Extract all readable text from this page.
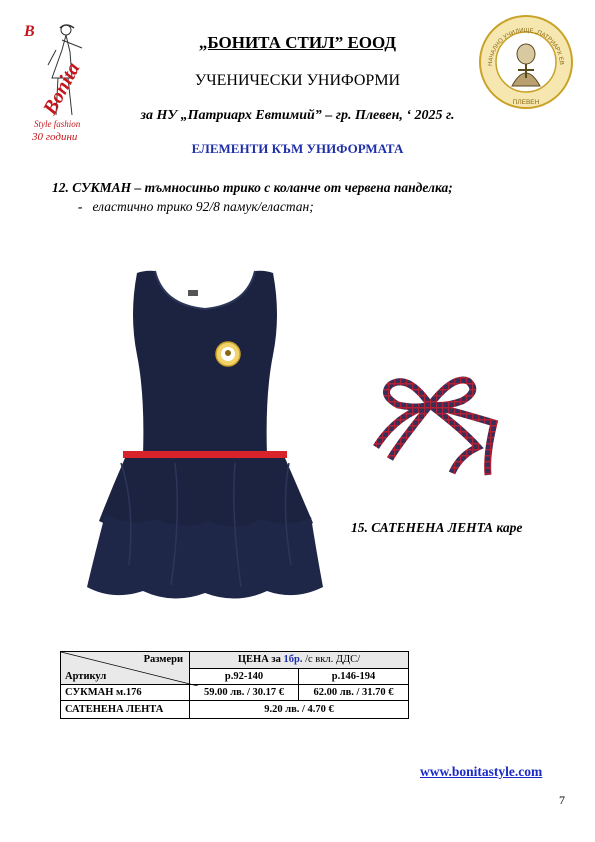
B
Bonita
Style fashion
30 години
НАЧАЛНО УЧИЛИЩЕ „ПАТРИАРХ ЕВ
ПЛЕВЕН
„БОНИТА СТИЛ” ЕООД
УЧЕНИЧЕСКИ УНИФОРМИ
за НУ „Патриарх Евтимий” – гр. Плевен, ‘ 2025 г.
ЕЛЕМЕНТИ КЪМ УНИФОРМАТА
12. СУКМАН – тъмносиньо трико с коланче от червена панделка;
- еластично трико 92/8 памук/еластан;
15. САТЕНЕНА ЛЕНТА каре
Размери
Артикул	ЦЕНА за 1бр. /с вкл. ДДС/	
	р.92-140	р.146-194
СУКМАН м.176	59.00 лв. / 30.17 €	62.00 лв. / 31.70 €
САТЕНЕНА ЛЕНТА	9.20 лв. / 4.70 €	
www.bonitastyle.com
7
